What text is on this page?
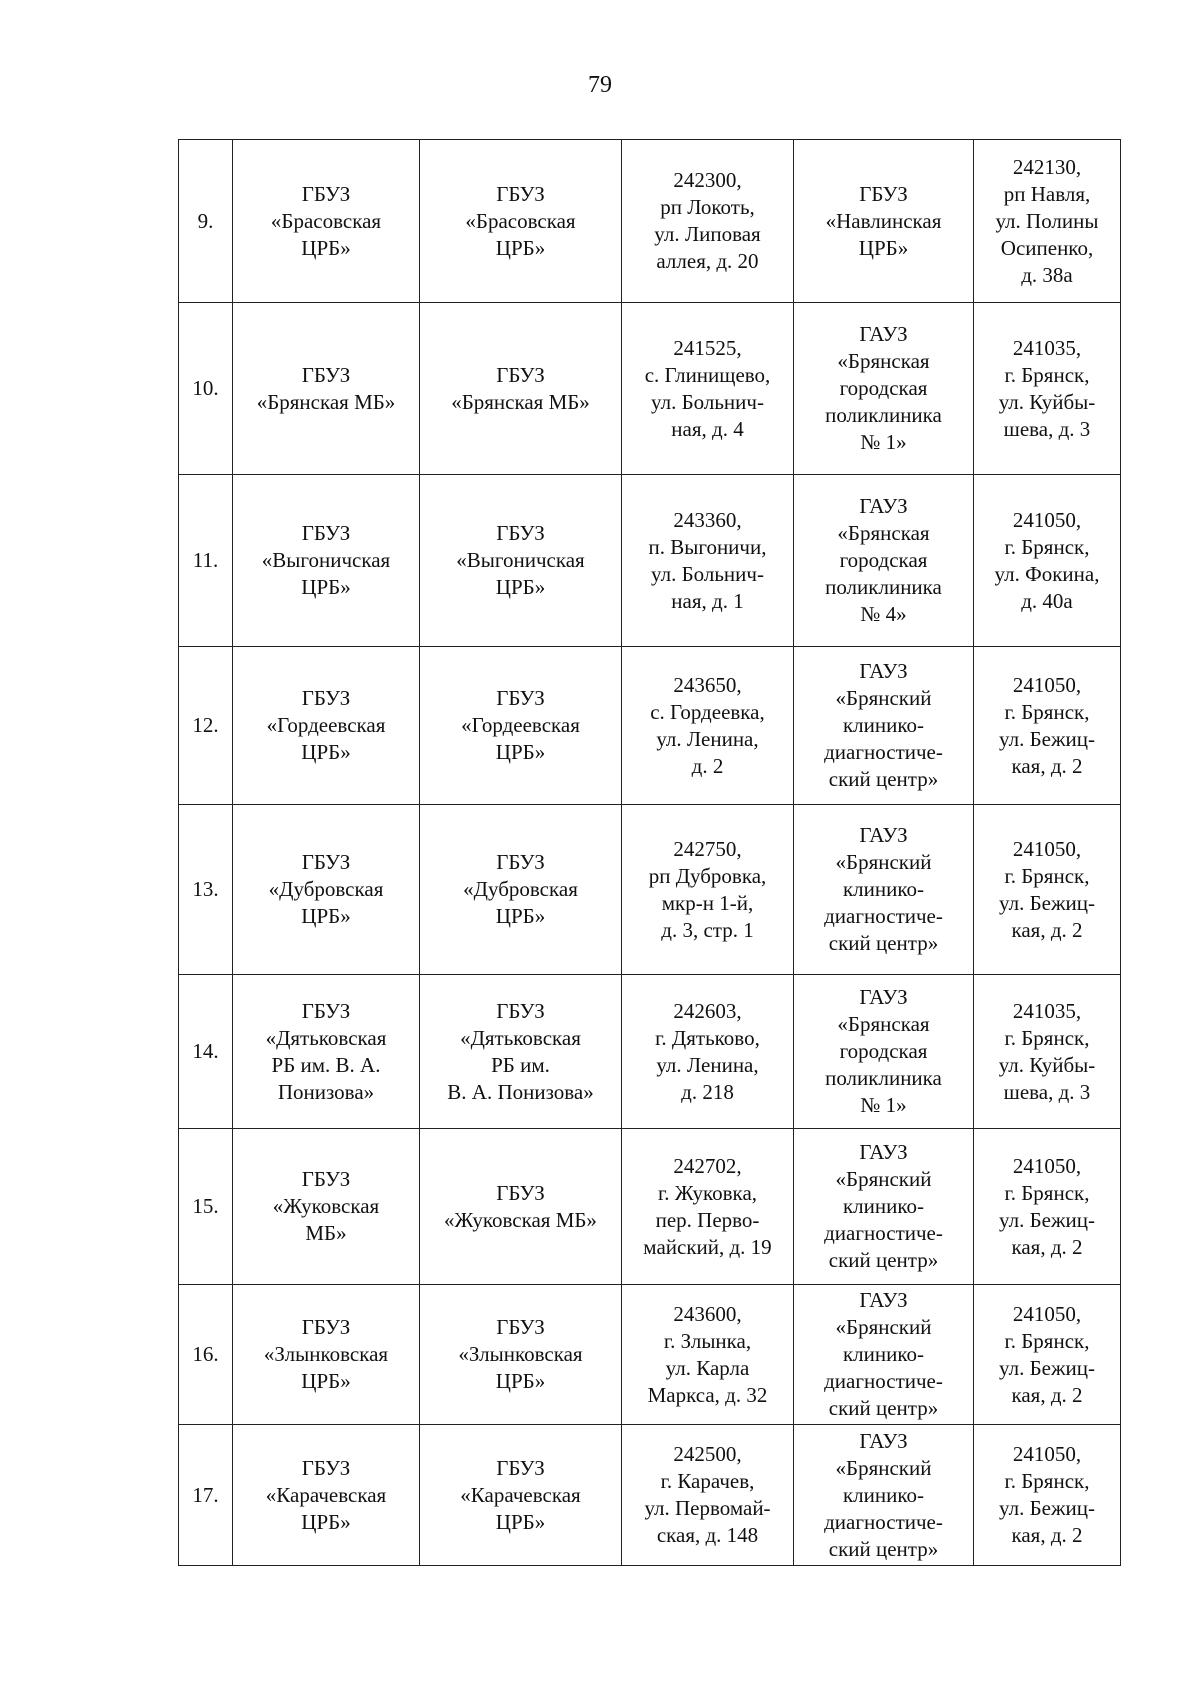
79
9.	ГБУЗ
«Брасовская
ЦРБ»	ГБУЗ
«Брасовская
ЦРБ»	242300,
рп Локоть,
ул. Липовая
аллея, д. 20	ГБУЗ
«Навлинская
ЦРБ»	242130,
рп Навля,
ул. Полины
Осипенко,
д. 38а

10.	ГБУЗ
«Брянская МБ»	ГБУЗ
«Брянская МБ»	241525,
с. Глинищево,
ул. Больнич-
ная, д. 4	ГАУЗ
«Брянская
городская
поликлиника
№ 1»	241035,
г. Брянск,
ул. Куйбы-
шева, д. 3

11.	ГБУЗ
«Выгоничская
ЦРБ»	ГБУЗ
«Выгоничская
ЦРБ»	243360,
п. Выгоничи,
ул. Больнич-
ная, д. 1	ГАУЗ
«Брянская
городская
поликлиника
№ 4»	241050,
г. Брянск,
ул. Фокина,
д. 40а

12.	ГБУЗ
«Гордеевская
ЦРБ»	ГБУЗ
«Гордеевская
ЦРБ»	243650,
с. Гордеевка,
ул. Ленина,
д. 2	ГАУЗ
«Брянский
клинико-
диагностиче-
ский центр»	241050,
г. Брянск,
ул. Бежиц-
кая, д. 2

13.	ГБУЗ
«Дубровская
ЦРБ»	ГБУЗ
«Дубровская
ЦРБ»	242750,
рп Дубровка,
мкр-н 1-й,
д. 3, стр. 1	ГАУЗ
«Брянский
клинико-
диагностиче-
ский центр»	241050,
г. Брянск,
ул. Бежиц-
кая, д. 2

14.	ГБУЗ
«Дятьковская
РБ им. В. А.
Понизова»	ГБУЗ
«Дятьковская
РБ им.
В. А. Понизова»	242603,
г. Дятьково,
ул. Ленина,
д. 218	ГАУЗ
«Брянская
городская
поликлиника
№ 1»	241035,
г. Брянск,
ул. Куйбы-
шева, д. 3

15.	ГБУЗ
«Жуковская
МБ»	ГБУЗ
«Жуковская МБ»	242702,
г. Жуковка,
пер. Перво-
майский, д. 19	ГАУЗ
«Брянский
клинико-
диагностиче-
ский центр»	241050,
г. Брянск,
ул. Бежиц-
кая, д. 2

16.	ГБУЗ
«Злынковская
ЦРБ»	ГБУЗ
«Злынковская
ЦРБ»	243600,
г. Злынка,
ул. Карла
Маркса, д. 32	ГАУЗ
«Брянский
клинико-
диагностиче-
ский центр»	241050,
г. Брянск,
ул. Бежиц-
кая, д. 2

17.	ГБУЗ
«Карачевская
ЦРБ»	ГБУЗ
«Карачевская
ЦРБ»	242500,
г. Карачев,
ул. Первомай-
ская, д. 148	ГАУЗ
«Брянский
клинико-
диагностиче-
ский центр»	241050,
г. Брянск,
ул. Бежиц-
кая, д. 2
